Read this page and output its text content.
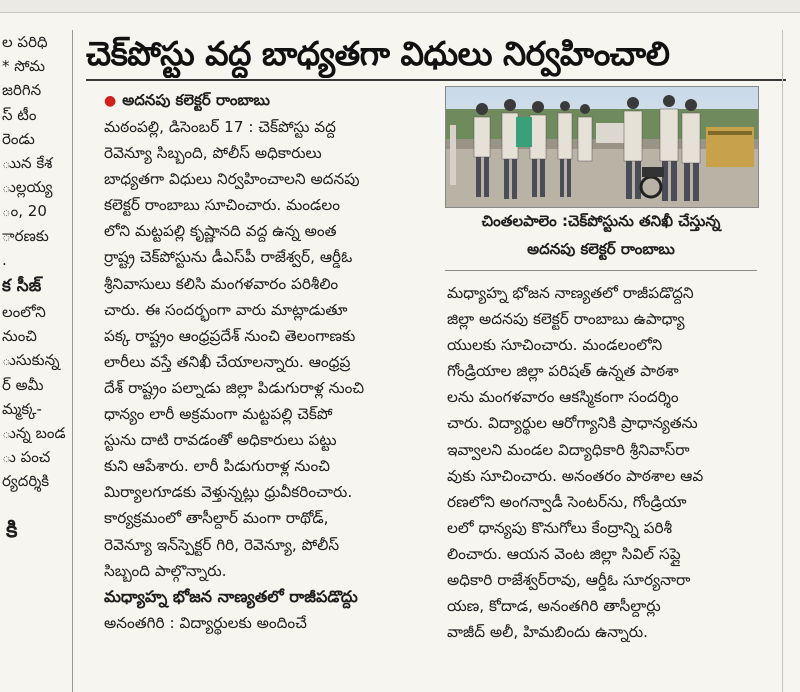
ల పరిధి
* సోమ
జరిగిన
స్ టీం
రెండు
ుున కేశ
ుల్లయ్య
ం, 20
ారణకు
.
క సీజ్
లంలోని
నుంచి
ుసుకున్న
ర్ అమీ
మ్మక్క-
ున్న బండ
ు పంచ
ర్యదర్శికి
కి
చెక్‌పోస్టు వద్ద బాధ్యతగా విధులు నిర్వహించాలి
● అదనపు కలెక్టర్ రాంబాబు
మఠంపల్లి, డిసెంబర్ 17 : చెక్‌పోస్టు వద్ద
రెవెన్యూ సిబ్బంది, పోలీస్ అధికారులు
బాధ్యతగా విధులు నిర్వహించాలని అదనపు
కలెక్టర్ రాంబాబు సూచించారు. మండలం
లోని మట్టపల్లి కృష్ణానది వద్ద ఉన్న అంత
ర్రాష్ట్ర చెక్‌పోస్టును డీఎస్‌పీ రాజేశ్వర్, ఆర్డీఓ
శ్రీనివాసులు కలిసి మంగళవారం పరిశీలిం
చారు. ఈ సందర్భంగా వారు మాట్లాడుతూ
పక్క రాష్ట్రం ఆంధ్రప్రదేశ్ నుంచి తెలంగాణకు
లారీలు వస్తే తనిఖీ చేయాలన్నారు. ఆంధ్రప్ర
దేశ్ రాష్ట్రం పల్నాడు జిల్లా పిడుగురాళ్ల నుంచి
ధాన్యం లారీ అక్రమంగా మట్టపల్లి చెక్‌పో
స్టును దాటి రావడంతో అధికారులు పట్టు
కుని ఆపేశారు. లారీ పిడుగురాళ్ల నుంచి
మిర్యాలగూడకు వెళ్తున్నట్లు ధ్రువీకరించారు.
కార్యక్రమంలో తాసీల్దార్ మంగా రాథోడ్,
రెవెన్యూ ఇన్‌స్పెక్టర్ గిరి, రెవెన్యూ, పోలీస్
సిబ్బంది పాల్గొన్నారు.
మధ్యాహ్న భోజన నాణ్యతలో రాజీపడొద్దు
అనంతగిరి : విద్యార్థులకు అందించే
చింతలపాలెం :చెక్‌పోస్టును తనిఖీ చేస్తున్న
అదనపు కలెక్టర్ రాంబాబు
మధ్యాహ్న భోజన నాణ్యతలో రాజీపడొద్దని
జిల్లా అదనపు కలెక్టర్ రాంబాబు ఉపాధ్యా
యులకు సూచించారు. మండలంలోని
గోండ్రియాల జిల్లా పరిషత్ ఉన్నత పాఠశా
లను మంగళవారం ఆకస్మికంగా సందర్శిం
చారు. విద్యార్థుల ఆరోగ్యానికి ప్రాధాన్యతను
ఇవ్వాలని మండల విద్యాధికారి శ్రీనివాస్‌రా
వుకు సూచించారు. అనంతరం పాఠశాల ఆవ
రణలోని అంగన్వాడీ సెంటర్‌ను, గోండ్రియా
లలో ధాన్యపు కొనుగోలు కేంద్రాన్ని పరిశీ
లించారు. ఆయన వెంట జిల్లా సివిల్ సప్లై
అధికారి రాజేశ్వర్‌రావు, ఆర్డీఓ సూర్యనారా
యణ, కోదాడ, అనంతగిరి తాసీల్దార్లు
వాజీద్ అలీ, హిమబిందు ఉన్నారు.
